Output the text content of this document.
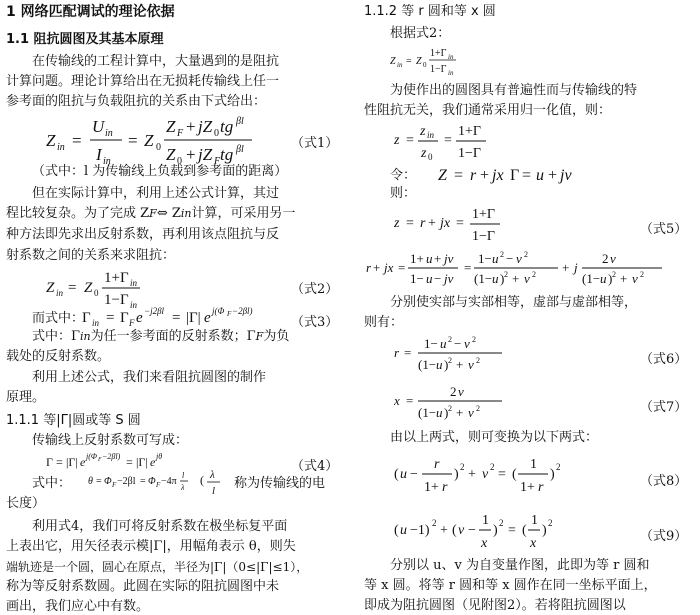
1 网络匹配调试的理论依据
1.1 阻抗圆图及其基本原理
在传输线的工程计算中，大量遇到的是阻抗
计算问题。理论计算给出在无损耗传输线上任一
参考面的阻抗与负载阻抗的关系由下式给出：
Z in =
U in
I in
= Z 0
Z F + jZ 0 tg βl
Z 0 + jZ F tg βl	（式1）
（式中：l 为传输线上负载到参考面的距离）
但在实际计算中，利用上述公式计算，其过
程比较复杂。为了完成 ZF⇔ Zin计算，可采用另一
种方法即先求出反射系数，再利用该点阻抗与反
射系数之间的关系来求阻抗：
Z in = Z 0
1+Γ in
1−Γ in
（式2）
而式中：
Γ in = Γ F e −j2βl = |Γ| e j(Φ F −2βl)
（式3）
式中：Γin为任一参考面的反射系数；ΓF为负
载处的反射系数。
利用上述公式，我们来看阻抗圆图的制作
原理。
1.1.1 等|Γ|圆或等 S 圆
传输线上反射系数可写成：
Γ = |Γ| e j(Φ F −2βl) = |Γ| e jθ
（式4）
式中： θ = Φ F −2βl = Φ F −4π
l
λ
( λ
l 称为传输线的电
长度）
利用式4，我们可将反射系数在极坐标复平面
上表出它，用矢径表示模|Γ|，用幅角表示 θ，则失
端轨迹是一个圆，圆心在原点，半径为|Γ|（0≤|Γ|≤1），
称为等反射系数圆。此圆在实际的阻抗圆图中未
画出，我们应心中有数。
1.1.2 等 r 圆和等 x 圆
根据式2：
Z in = Z 0
1+Γ in
1−Γ in
为使作出的圆图具有普遍性而与传输线的特
性阻抗无关，我们通常采用归一化值，则：
z =
z in
z 0
=
1+Γ
1−Γ
令： Z = r + jx Γ = u + jv
则：
z = r + jx =
1+Γ
1−Γ	（式5）
r + jx =
1+ u + jv
1− u − jv
=
1− u 2 − v 2
(1− u ) 2 + v 2 + j
2 v
(1− u ) 2 + v 2
分别使实部与实部相等，虚部与虚部相等，
则有：
r =
1− u 2 − v 2
(1− u ) 2 + v 2	（式6）
x =
2 v
(1− u ) 2 + v 2	（式7）
由以上两式，则可变换为以下两式：
( u −
r
1+ r
) 2 + v 2 = (
1
1+ r
) 2
（式8）
( u −1) 2 + ( v −
1
x
) 2 = (
1
x
) 2
（式9）
分别以 u、v 为自变量作图，此即为等 r 圆和
等 x 圆。将等 r 圆和等 x 圆作在同一坐标平面上，
即成为阻抗圆图（见附图2）。若将阻抗圆图以
